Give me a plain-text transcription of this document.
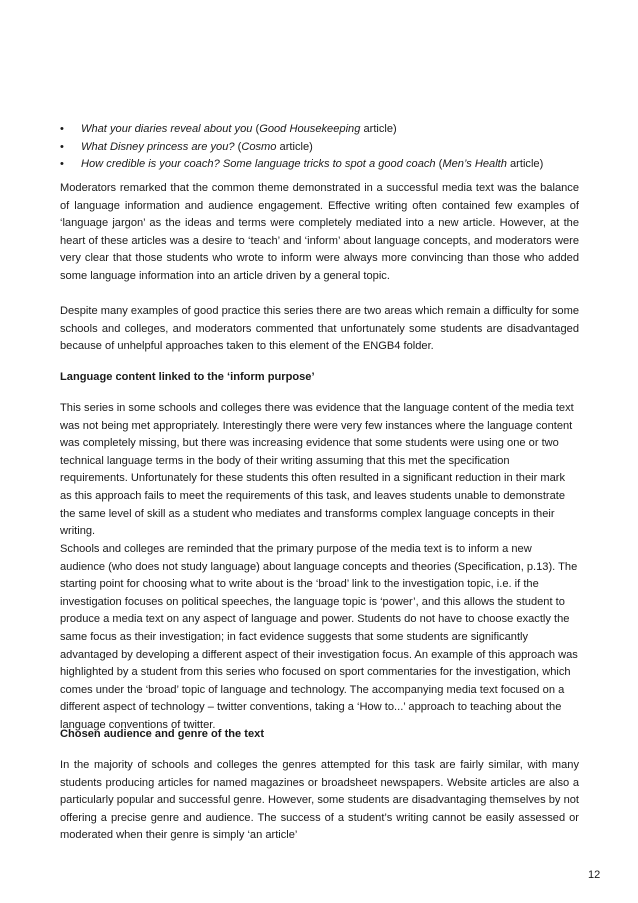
• What your diaries reveal about you (Good Housekeeping article)
• What Disney princess are you? (Cosmo article)
• How credible is your coach? Some language tricks to spot a good coach (Men’s Health article)

Moderators remarked that the common theme demonstrated in a successful media text was the balance of language information and audience engagement. Effective writing often contained few examples of ‘language jargon’ as the ideas and terms were completely mediated into a new article. However, at the heart of these articles was a desire to ‘teach’ and ‘inform’ about language concepts, and moderators were very clear that those students who wrote to inform were always more convincing than those who added some language information into an article driven by a general topic.

Despite many examples of good practice this series there are two areas which remain a difficulty for some schools and colleges, and moderators commented that unfortunately some students are disadvantaged because of unhelpful approaches taken to this element of the ENGB4 folder.

Language content linked to the ‘inform purpose’

This series in some schools and colleges there was evidence that the language content of the media text was not being met appropriately. Interestingly there were very few instances where the language content was completely missing, but there was increasing evidence that some students were using one or two technical language terms in the body of their writing assuming that this met the specification requirements. Unfortunately for these students this often resulted in a significant reduction in their mark as this approach fails to meet the requirements of this task, and leaves students unable to demonstrate the same level of skill as a student who mediates and transforms complex language concepts in their writing.

Schools and colleges are reminded that the primary purpose of the media text is to inform a new audience (who does not study language) about language concepts and theories (Specification, p.13). The starting point for choosing what to write about is the ‘broad’ link to the investigation topic, i.e. if the investigation focuses on political speeches, the language topic is ‘power’, and this allows the student to produce a media text on any aspect of language and power. Students do not have to choose exactly the same focus as their investigation; in fact evidence suggests that some students are significantly advantaged by developing a different aspect of their investigation focus. An example of this approach was highlighted by a student from this series who focused on sport commentaries for the investigation, which comes under the ‘broad’ topic of language and technology. The accompanying media text focused on a different aspect of technology – twitter conventions, taking a ‘How to...’ approach to teaching about the language conventions of twitter.

Chosen audience and genre of the text

In the majority of schools and colleges the genres attempted for this task are fairly similar, with many students producing articles for named magazines or broadsheet newspapers. Website articles are also a particularly popular and successful genre. However, some students are disadvantaging themselves by not offering a precise genre and audience. The success of a student’s writing cannot be easily assessed or moderated when their genre is simply ‘an article’

12
